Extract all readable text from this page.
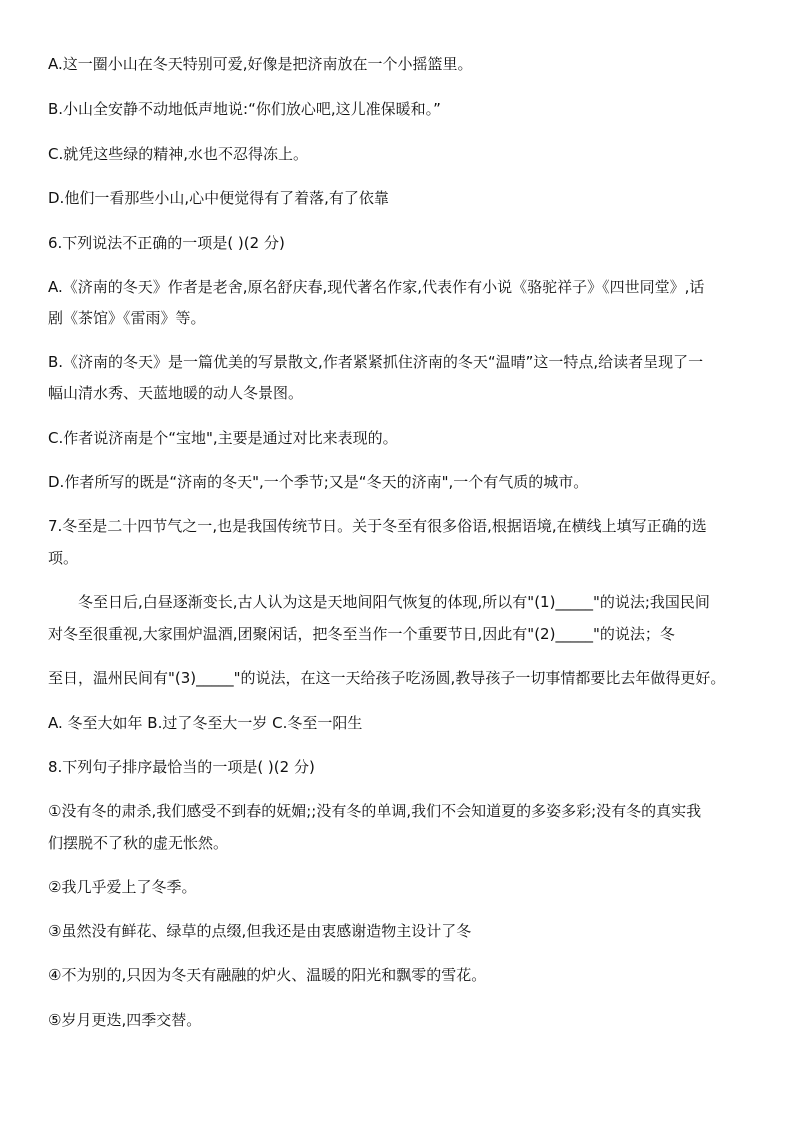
A.这一圈小山在冬天特别可爱,好像是把济南放在一个小摇篮里。
B.小山全安静不动地低声地说:“你们放心吧,这儿准保暖和。”
C.就凭这些绿的精神,水也不忍得冻上。
D.他们一看那些小山,心中便觉得有了着落,有了依靠
6.下列说法不正确的一项是( )(2 分)
A.《济南的冬天》作者是老舍,原名舒庆春,现代著名作家,代表作有小说《骆驼祥子》《四世同堂》,话
剧《茶馆》《雷雨》等。
B.《济南的冬天》是一篇优美的写景散文,作者紧紧抓住济南的冬天“温晴”这一特点,给读者呈现了一
幅山清水秀、天蓝地暖的动人冬景图。
C.作者说济南是个“宝地",主要是通过对比来表现的。
D.作者所写的既是“济南的冬天",一个季节;又是“冬天的济南",一个有气质的城市。
7.冬至是二十四节气之一,也是我国传统节日。关于冬至有很多俗语,根据语境,在横线上填写正确的选
项。
冬至日后,白昼逐渐变长,古人认为这是天地间阳气恢复的体现,所以有"(1)_____"的说法;我国民间
对冬至很重视,大家围炉温酒,团聚闲话，把冬至当作一个重要节日,因此有"(2)_____"的说法；冬
至日，温州民间有"(3)_____"的说法，在这一天给孩子吃汤圆,教导孩子一切事情都要比去年做得更好。
A. 冬至大如年 B.过了冬至大一岁 C.冬至一阳生
8.下列句子排序最恰当的一项是( )(2 分)
①没有冬的肃杀,我们感受不到春的妩媚;;没有冬的单调,我们不会知道夏的多姿多彩;没有冬的真实我
们摆脱不了秋的虚无怅然。
②我几乎爱上了冬季。
③虽然没有鲜花、绿草的点缀,但我还是由衷感谢造物主设计了冬
④不为别的,只因为冬天有融融的炉火、温暖的阳光和飘零的雪花。
⑤岁月更迭,四季交替。
